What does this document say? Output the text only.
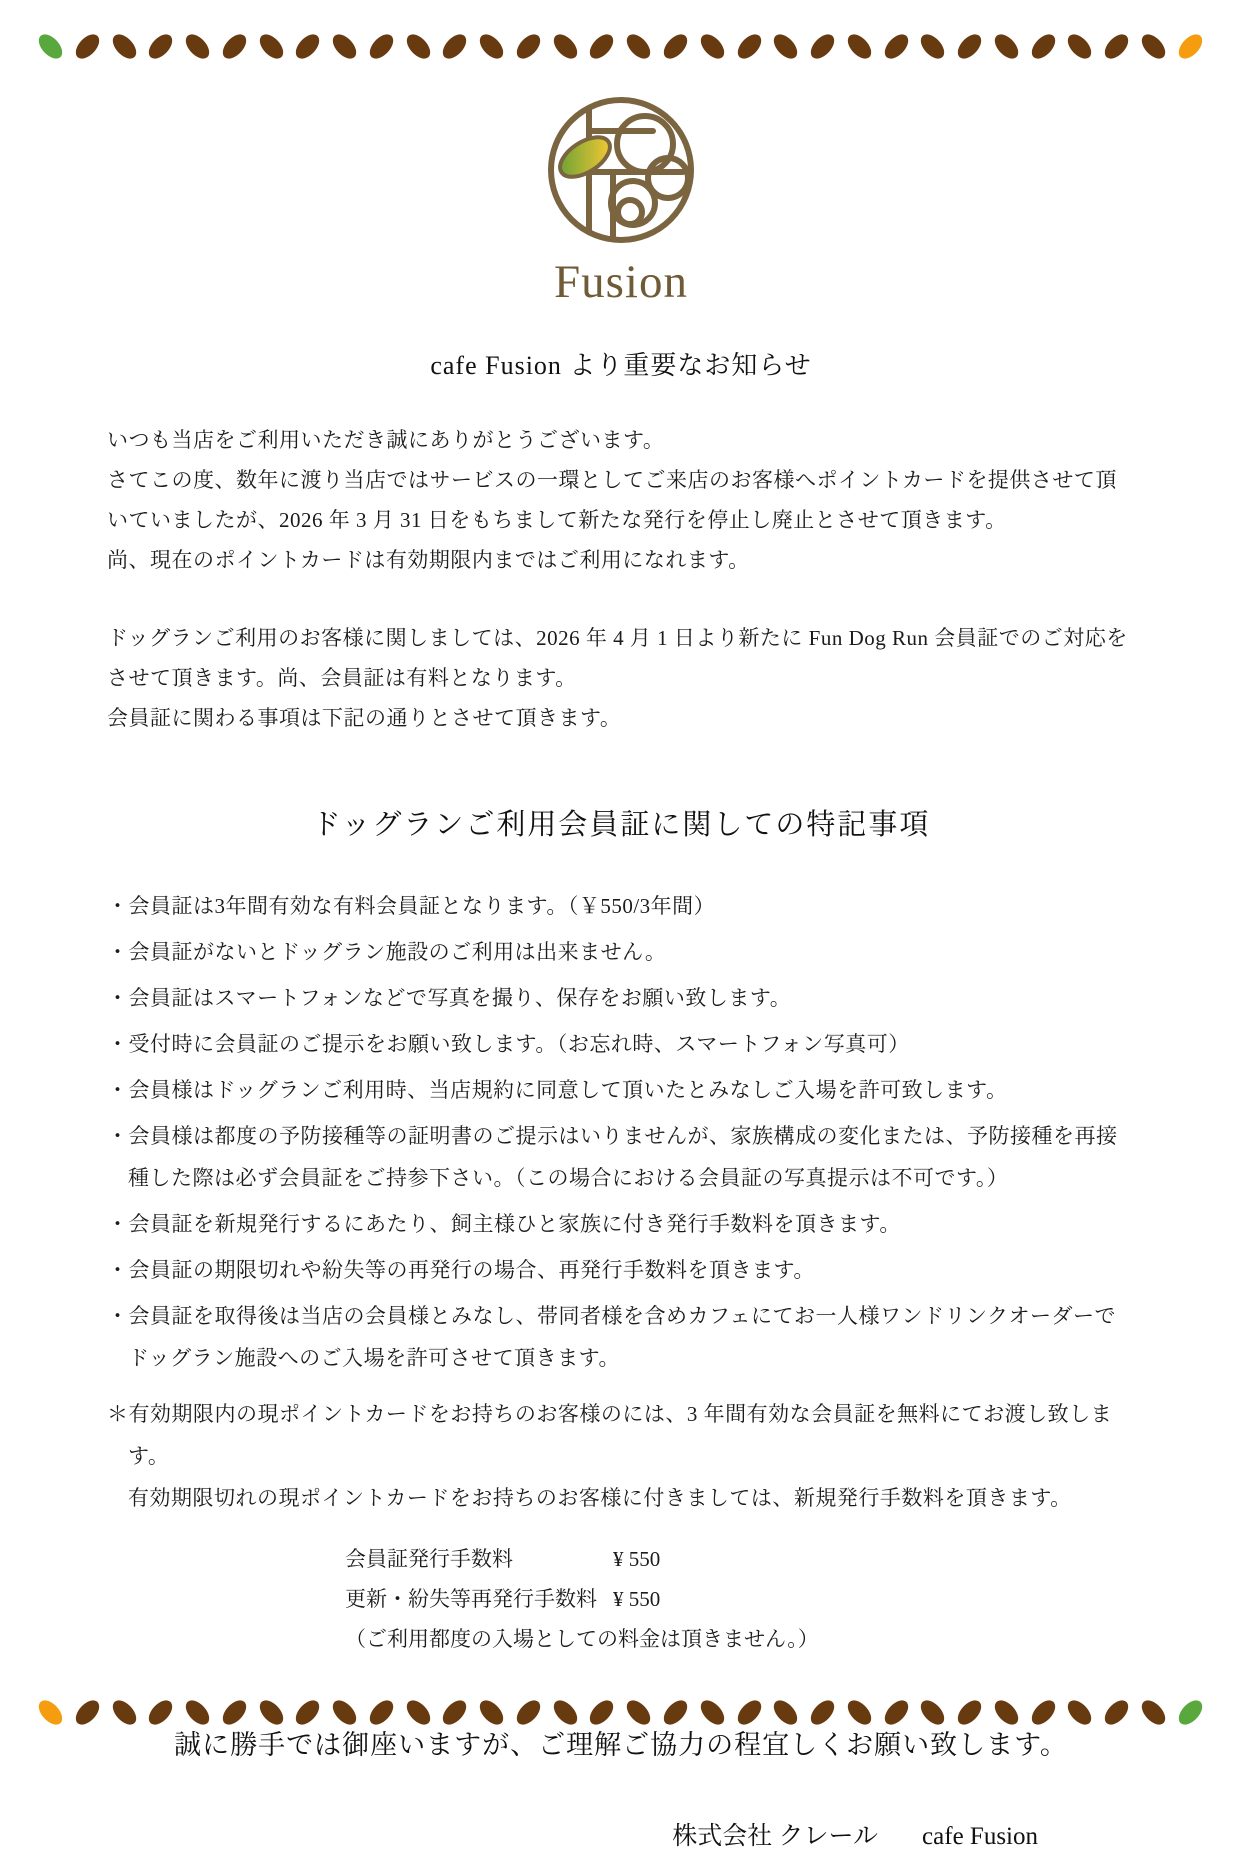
Fusion
cafe Fusion より重要なお知らせ

いつも当店をご利用いただき誠にありがとうございます。

さてこの度、数年に渡り当店ではサービスの一環としてご来店のお客様へポイントカードを提供させて頂いていましたが、2026 年 3 月 31 日をもちまして新たな発行を停止し廃止とさせて頂きます。

尚、現在のポイントカードは有効期限内まではご利用になれます。

ドッグランご利用のお客様に関しましては、2026 年 4 月 1 日より新たに Fun Dog Run 会員証でのご対応をさせて頂きます。尚、会員証は有料となります。

会員証に関わる事項は下記の通りとさせて頂きます。

ドッグランご利用会員証に関しての特記事項
・会員証は3年間有効な有料会員証となります。（￥550/3年間）
・会員証がないとドッグラン施設のご利用は出来ません。
・会員証はスマートフォンなどで写真を撮り、保存をお願い致します。
・受付時に会員証のご提示をお願い致します。（お忘れ時、スマートフォン写真可）
・会員様はドッグランご利用時、当店規約に同意して頂いたとみなしご入場を許可致します。
・会員様は都度の予防接種等の証明書のご提示はいりませんが、家族構成の変化または、予防接種を再接種した際は必ず会員証をご持参下さい。（この場合における会員証の写真提示は不可です。）
・会員証を新規発行するにあたり、飼主様ひと家族に付き発行手数料を頂きます。
・会員証の期限切れや紛失等の再発行の場合、再発行手数料を頂きます。
・会員証を取得後は当店の会員様とみなし、帯同者様を含めカフェにてお一人様ワンドリンクオーダーでドッグラン施設へのご入場を許可させて頂きます。
＊有効期限内の現ポイントカードをお持ちのお客様のには、3 年間有効な会員証を無料にてお渡し致します。
有効期限切れの現ポイントカードをお持ちのお客様に付きましては、新規発行手数料を頂きます。
会員証発行手数料	¥ 550
更新・紛失等再発行手数料 ¥ 550
（ご利用都度の入場としての料金は頂きません。）
誠に勝手では御座いますが、ご理解ご協力の程宜しくお願い致します。
株式会社 クレール cafe Fusion
